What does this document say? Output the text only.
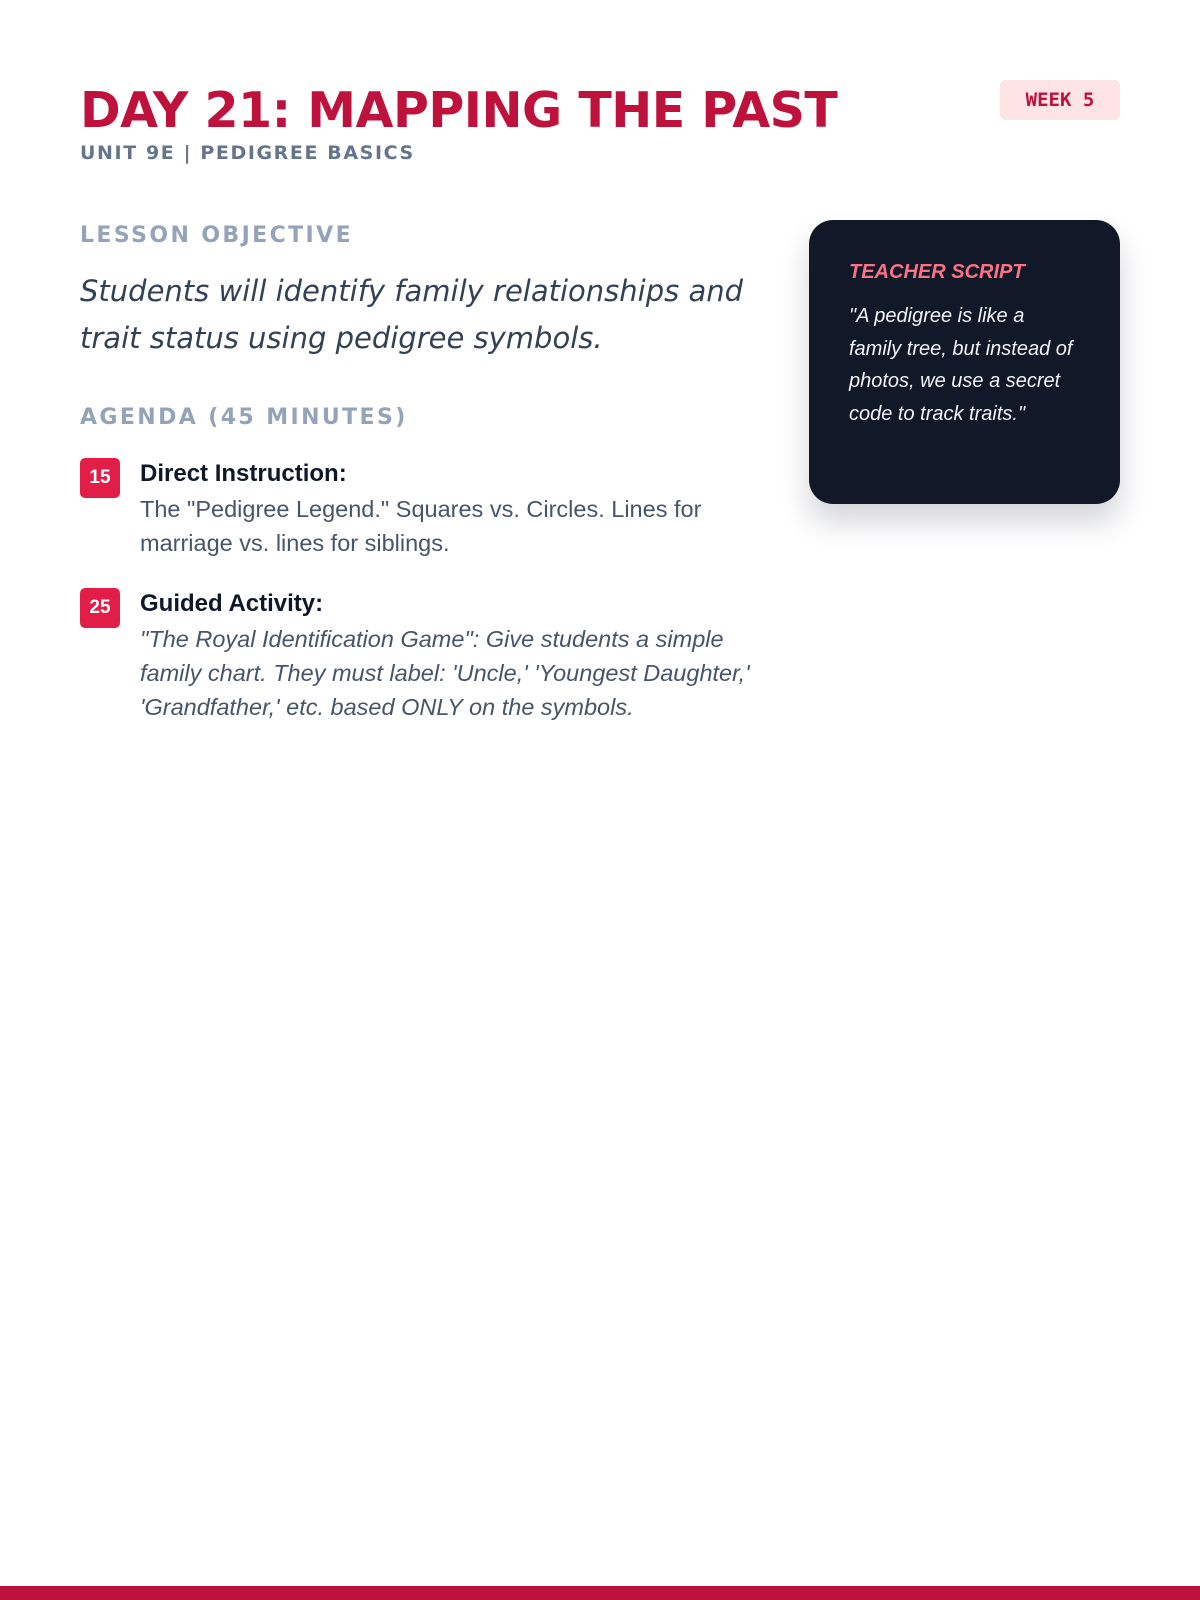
DAY 21: MAPPING THE PAST
UNIT 9E | PEDIGREE BASICS
WEEK 5
LESSON OBJECTIVE

Students will identify family relationships and trait status using pedigree symbols.

AGENDA (45 MINUTES)
15	Direct Instruction:
The "Pedigree Legend." Squares vs. Circles. Lines for marriage vs. lines for siblings.
25	Guided Activity:
"The Royal Identification Game": Give students a simple family chart. They must label: 'Uncle,' 'Youngest Daughter,' 'Grandfather,' etc. based ONLY on the symbols.
TEACHER SCRIPT
"A pedigree is like a family tree, but instead of photos, we use a secret code to track traits."
